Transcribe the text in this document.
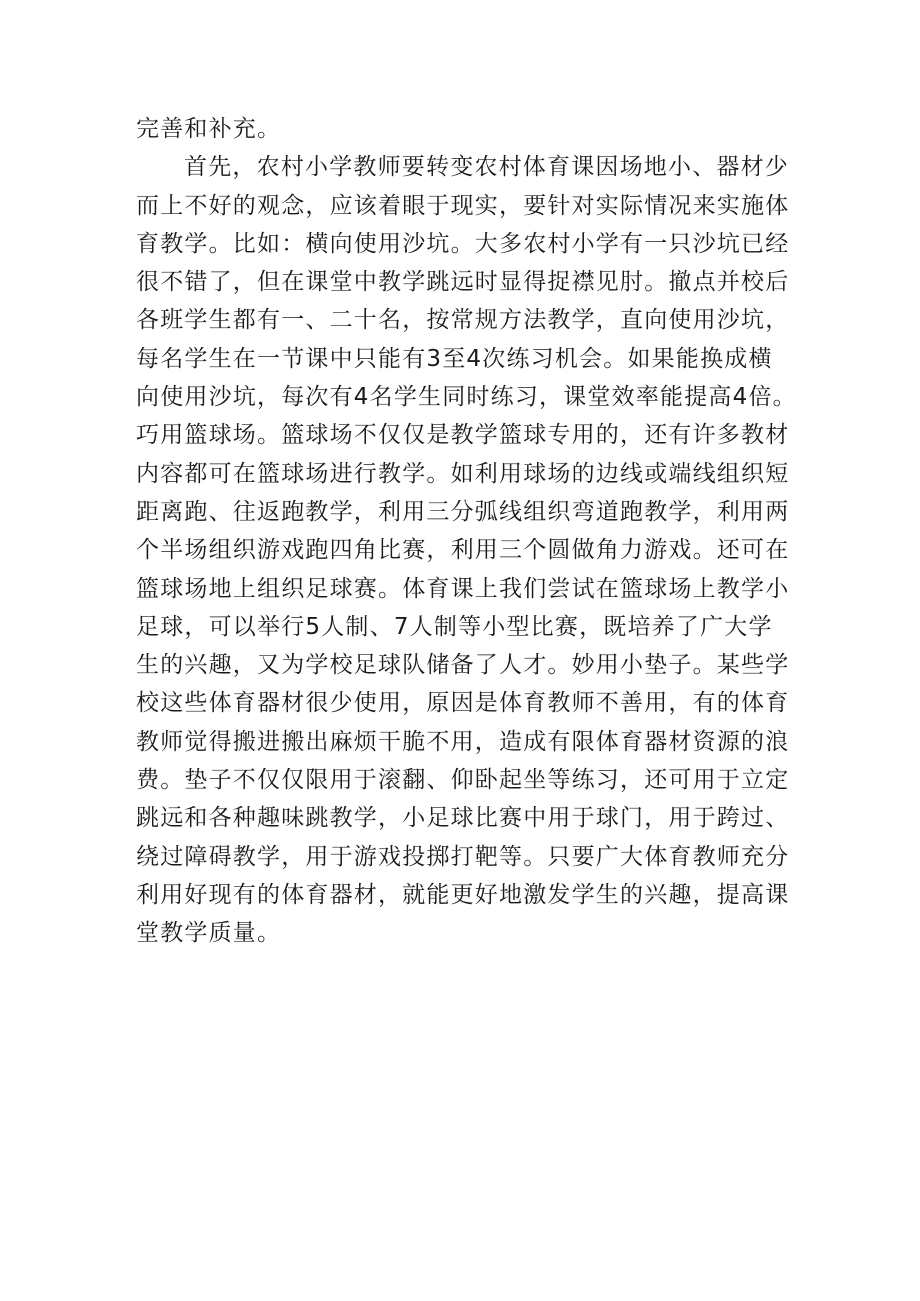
完善和补充。
首先，农村小学教师要转变农村体育课因场地小、器材少
而上不好的观念，应该着眼于现实，要针对实际情况来实施体
育教学。比如：横向使用沙坑。大多农村小学有一只沙坑已经
很不错了，但在课堂中教学跳远时显得捉襟见肘。撤点并校后
各班学生都有一、二十名，按常规方法教学，直向使用沙坑，
每名学生在一节课中只能有3至4次练习机会。如果能换成横
向使用沙坑，每次有4名学生同时练习，课堂效率能提高4倍。
巧用篮球场。篮球场不仅仅是教学篮球专用的，还有许多教材
内容都可在篮球场进行教学。如利用球场的边线或端线组织短
距离跑、往返跑教学，利用三分弧线组织弯道跑教学，利用两
个半场组织游戏跑四角比赛，利用三个圆做角力游戏。还可在
篮球场地上组织足球赛。体育课上我们尝试在篮球场上教学小
足球，可以举行5人制、7人制等小型比赛，既培养了广大学
生的兴趣，又为学校足球队储备了人才。妙用小垫子。某些学
校这些体育器材很少使用，原因是体育教师不善用，有的体育
教师觉得搬进搬出麻烦干脆不用，造成有限体育器材资源的浪
费。垫子不仅仅限用于滚翻、仰卧起坐等练习，还可用于立定
跳远和各种趣味跳教学，小足球比赛中用于球门，用于跨过、
绕过障碍教学，用于游戏投掷打靶等。只要广大体育教师充分
利用好现有的体育器材，就能更好地激发学生的兴趣，提高课
堂教学质量。
